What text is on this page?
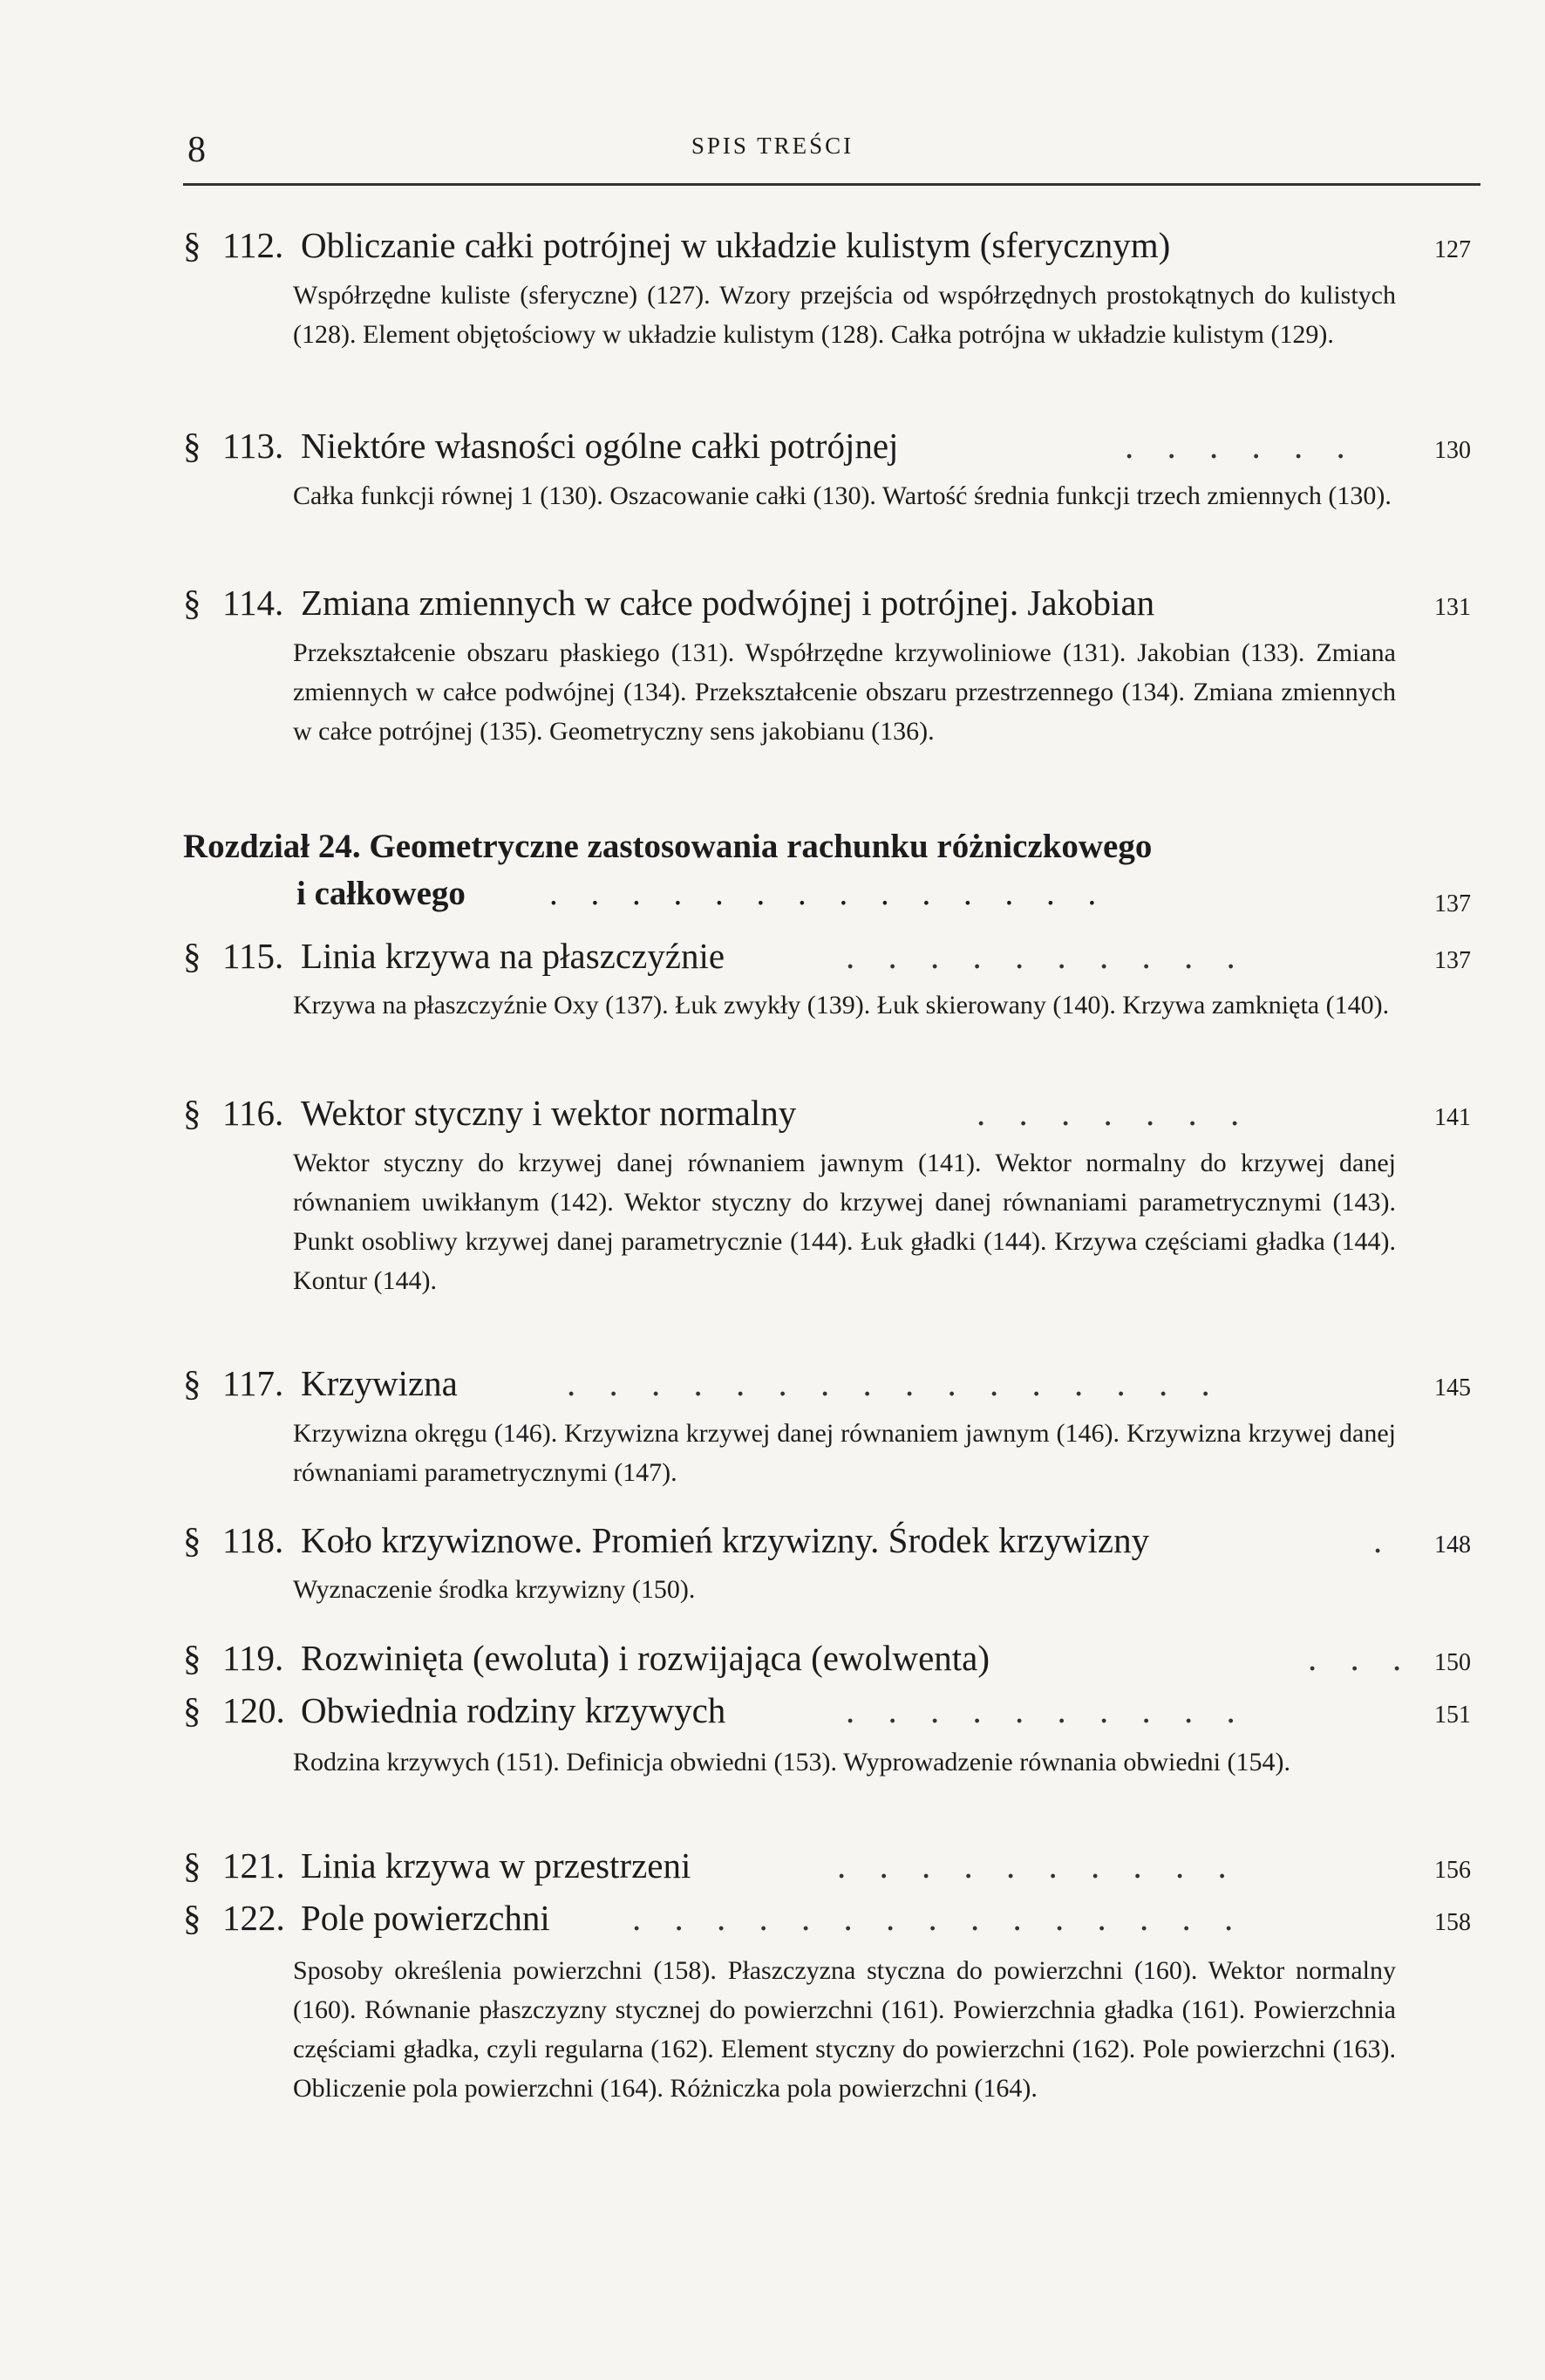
8	SPIS TREŚCI
§ 112. Obliczanie całki potrójnej w układzie kulistym (sferycznym)	127
Współrzędne kuliste (sferyczne) (127). Wzory przejścia od współrzędnych prostokątnych do kulistych (128). Element objętościowy w układzie kulistym (128). Całka potrójna w układzie kulistym (129).
§ 113. Niektóre własności ogólne całki potrójnej	. . . . . .	130
Całka funkcji równej 1 (130). Oszacowanie całki (130). Wartość średnia funkcji trzech zmiennych (130).
§ 114. Zmiana zmiennych w całce podwójnej i potrójnej. Jakobian	131
Przekształcenie obszaru płaskiego (131). Współrzędne krzywoliniowe (131). Jakobian (133). Zmiana zmiennych w całce podwójnej (134). Przekształcenie obszaru przestrzennego (134). Zmiana zmiennych w całce potrójnej (135). Geometryczny sens jakobianu (136).
Rozdział 24. Geometryczne zastosowania rachunku różniczkowego
i całkowego . . . . . . . . . . . . . .	137
§ 115. Linia krzywa na płaszczyźnie	. . . . . . . . . .	137
Krzywa na płaszczyźnie Oxy (137). Łuk zwykły (139). Łuk skierowany (140). Krzywa zamknięta (140).
§ 116. Wektor styczny i wektor normalny	. . . . . . .	141
Wektor styczny do krzywej danej równaniem jawnym (141). Wektor normalny do krzywej danej równaniem uwikłanym (142). Wektor styczny do krzywej danej równaniami parametrycznymi (143). Punkt osobliwy krzywej danej parametrycznie (144). Łuk gładki (144). Krzywa częściami gładka (144). Kontur (144).
§ 117. Krzywizna	. . . . . . . . . . . . . . . .	145
Krzywizna okręgu (146). Krzywizna krzywej danej równaniem jawnym (146). Krzywizna krzywej danej równaniami parametrycznymi (147).
§ 118. Koło krzywiznowe. Promień krzywizny. Środek krzywizny	. 148
Wyznaczenie środka krzywizny (150).
§ 119. Rozwinięta (ewoluta) i rozwijająca (ewolwenta)	. . . 150
§ 120. Obwiednia rodziny krzywych	. . . . . . . . . .	151
Rodzina krzywych (151). Definicja obwiedni (153). Wyprowadzenie równania obwiedni (154).
§ 121. Linia krzywa w przestrzeni	. . . . . . . . . .	156
§ 122. Pole powierzchni . . . . . . . . . . . . . . .	158
Sposoby określenia powierzchni (158). Płaszczyzna styczna do powierzchni (160). Wektor normalny (160). Równanie płaszczyzny stycznej do powierzchni (161). Powierzchnia gładka (161). Powierzchnia częściami gładka, czyli regularna (162). Element styczny do powierzchni (162). Pole powierzchni (163). Obliczenie pola powierzchni (164). Różniczka pola powierzchni (164).
